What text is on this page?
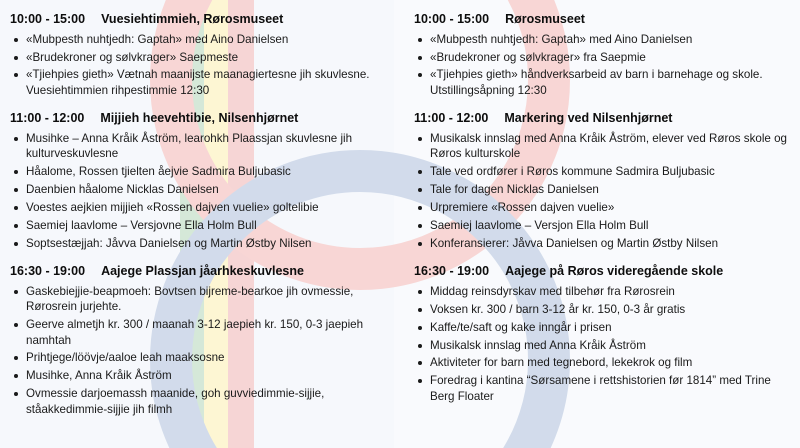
10:00 - 15:00 Vuesiehtimmieh, Rørosmuseet
«Mubpesth nuhtjedh: Gaptah» med Aino Danielsen
«Brudekroner og sølvkrager» Saepmeste
«Tjiehpies gieth» Vætnah maanijste maanagiertesne jih skuvlesne. Vuesiehtimmien rihpestimmie 12:30
11:00 - 12:00 Mijjieh heevehtibie, Nilsenhjørnet
Musihke – Anna Kråik Åström, learohkh Plaassjan skuvlesne jih kulturveskuvlesne
Håalome, Rossen tjielten åejvie Sadmira Buljubasic
Daenbien håalome Nicklas Danielsen
Voestes aejkien mijjieh «Rossen dajven vuelie» goltelibie
Saemiej laavlome – Versjovne Ella Holm Bull
Soptsestæjjah: Jåvva Danielsen og Martin Østby Nilsen
16:30 - 19:00 Aajege Plassjan jåarhkeskuvlesne
Gaskebiejjie-beapmoeh: Bovtsen bijreme-bearkoe jih ovmessie, Rørosrein jurjehte.
Geerve almetjh kr. 300 / maanah 3-12 jaepieh kr. 150, 0-3 jaepieh namhtah
Prihtjege/löövje/aaloe leah maaksosne
Musihke, Anna Kråik Åström
Ovmessie darjoemassh maanide, goh guvviedimmie-sijjie, ståakkedimmie-sijjie jih filmh
10:00 - 15:00 Rørosmuseet
«Mubpesth nuhtjedh: Gaptah» med Aino Danielsen
«Brudekroner og sølvkrager» fra Saepmie
«Tjiehpies gieth» håndverksarbeid av barn i barnehage og skole. Utstillingsåpning 12:30
11:00 - 12:00 Markering ved Nilsenhjørnet
Musikalsk innslag med Anna Kråik Åström, elever ved Røros skole og Røros kulturskole
Tale ved ordfører i Røros kommune Sadmira Buljubasic
Tale for dagen Nicklas Danielsen
Urpremiere «Rossen dajven vuelie»
Saemiej laavlome – Versjon Ella Holm Bull
Konferansierer: Jåvva Danielsen og Martin Østby Nilsen
16:30 - 19:00 Aajege på Røros videregående skole
Middag reinsdyrskav med tilbehør fra Rørosrein
Voksen kr. 300 / barn 3-12 år kr. 150, 0-3 år gratis
Kaffe/te/saft og kake inngår i prisen
Musikalsk innslag med Anna Kråik Åström
Aktiviteter for barn med tegnebord, lekekrok og film
Foredrag i kantina “Sørsamene i rettshistorien før 1814” med Trine Berg Floater
